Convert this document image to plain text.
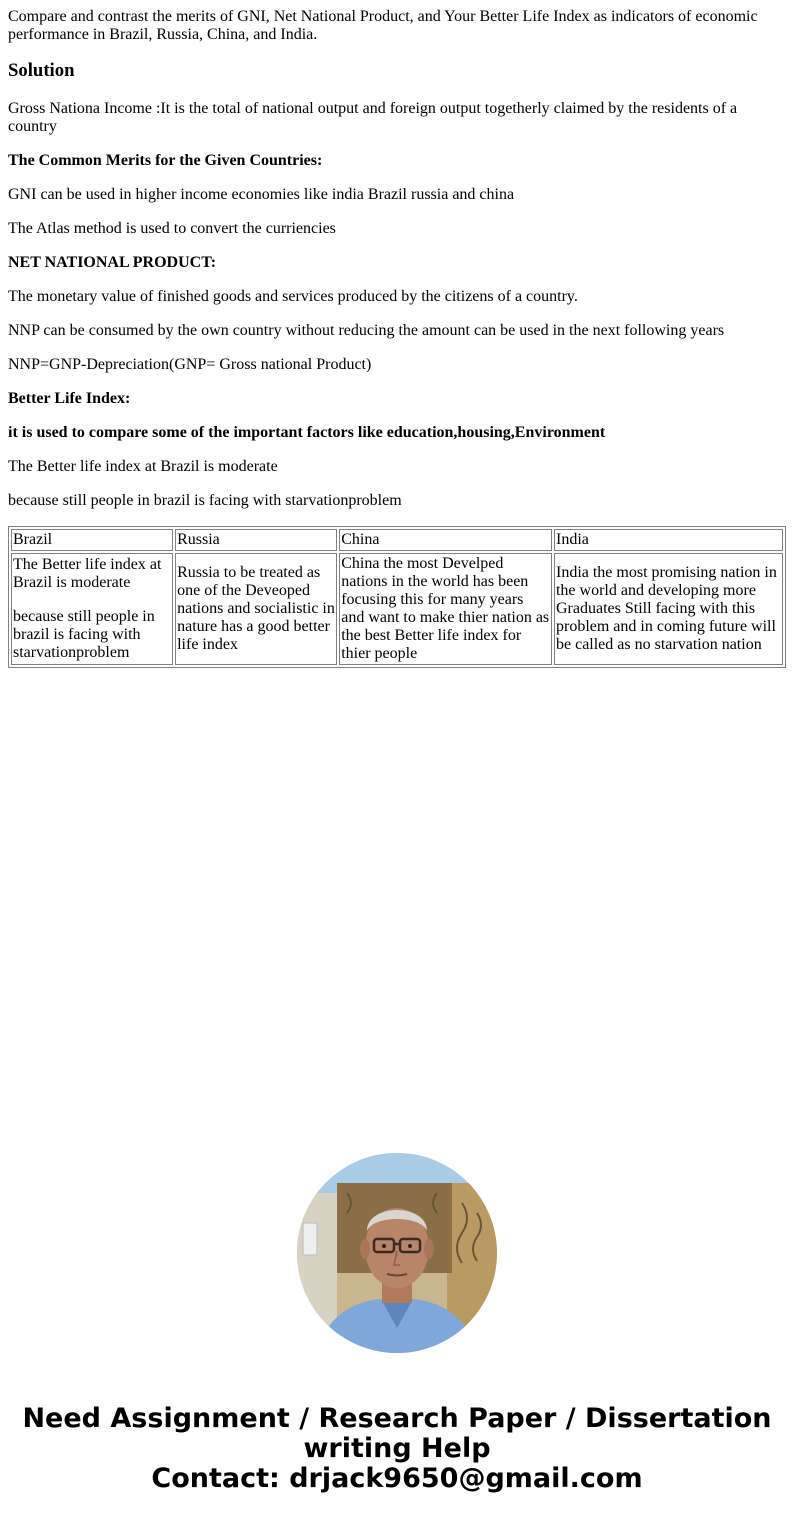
Compare and contrast the merits of GNI, Net National Product, and Your Better Life Index as indicators of economic performance in Brazil, Russia, China, and India.
Solution

Gross Nationa Income :It is the total of national output and foreign output togetherly claimed by the residents of a country

The Common Merits for the Given Countries:

GNI can be used in higher income economies like india Brazil russia and china

The Atlas method is used to convert the curriencies

NET NATIONAL PRODUCT:

The monetary value of finished goods and services produced by the citizens of a country.

NNP can be consumed by the own country without reducing the amount can be used in the next following years

NNP=GNP-Depreciation(GNP= Gross national Product)

Better Life Index:

it is used to compare some of the important factors like education,housing,Environment

The Better life index at Brazil is moderate

because still people in brazil is facing with starvationproblem

Brazil	Russia	China	India

The Better life index at Brazil is moderate

because still people in brazil is facing with starvationproblem	Russia to be treated as one of the Deveoped nations and socialistic in nature has a good better life index	China the most Develped nations in the world has been focusing this for many years and want to make thier nation as the best Better life index for thier people	India the most promising nation in the world and developing more Graduates Still facing with this problem and in coming future will be called as no starvation nation
Need Assignment / Research Paper / Dissertation
writing Help
Contact: drjack9650@gmail.com
